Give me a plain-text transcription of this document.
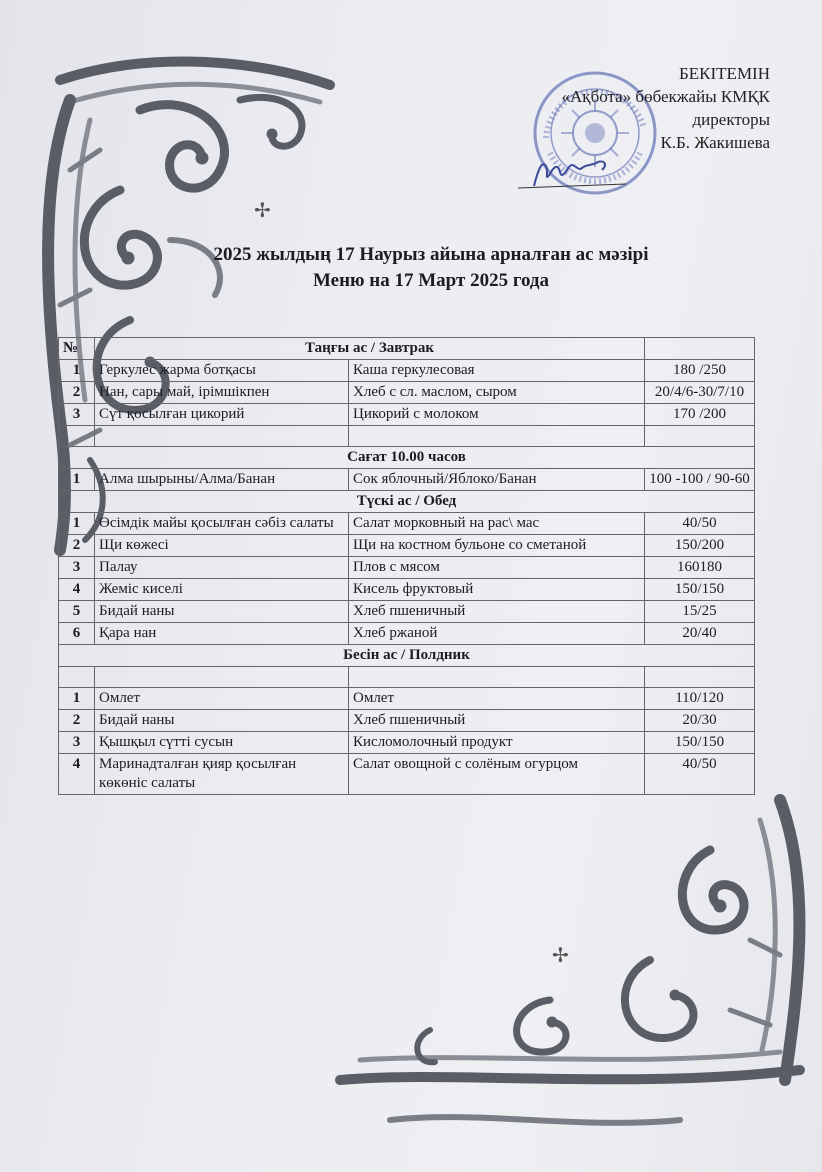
✢
✢
БЕКІТЕМІН
«Ақбота» бөбекжайы КМҚК
директоры
К.Б. Жакишева
2025 жылдың 17 Наурыз айына арналған ас мәзірі
Меню на 17 Март 2025 года
№	Таңғы ас / Завтрак		
1	Геркулес жарма ботқасы	Каша геркулесовая	180 /250
2	Нан, сары май, ірімшікпен	Хлеб с сл. маслом, сыром	20/4/6-30/7/10
3	Сүт қосылған цикорий	Цикорий с молоком	170 /200

Сағат 10.00 часов			
1	Алма шырыны/Алма/Банан	Сок яблочный/Яблоко/Банан	100 -100 / 90-60
Түскі ас / Обед			
1	Өсімдік майы қосылған сәбіз салаты	Салат морковный на рас\ мас	40/50
2	Щи көжесі	Щи на костном бульоне со сметаной	150/200
3	Палау	Плов с мясом	160180
4	Жеміс киселі	Кисель фруктовый	150/150
5	Бидай наны	Хлеб пшеничный	15/25
6	Қара нан	Хлеб ржаной	20/40
Бесін ас / Полдник			

1	Омлет	Омлет	110/120
2	Бидай наны	Хлеб пшеничный	20/30
3	Қышқыл сүтті сусын	Кисломолочный продукт	150/150
4	Маринадталған қияр қосылған көкөніс салаты	Салат овощной с солёным огурцом	40/50
